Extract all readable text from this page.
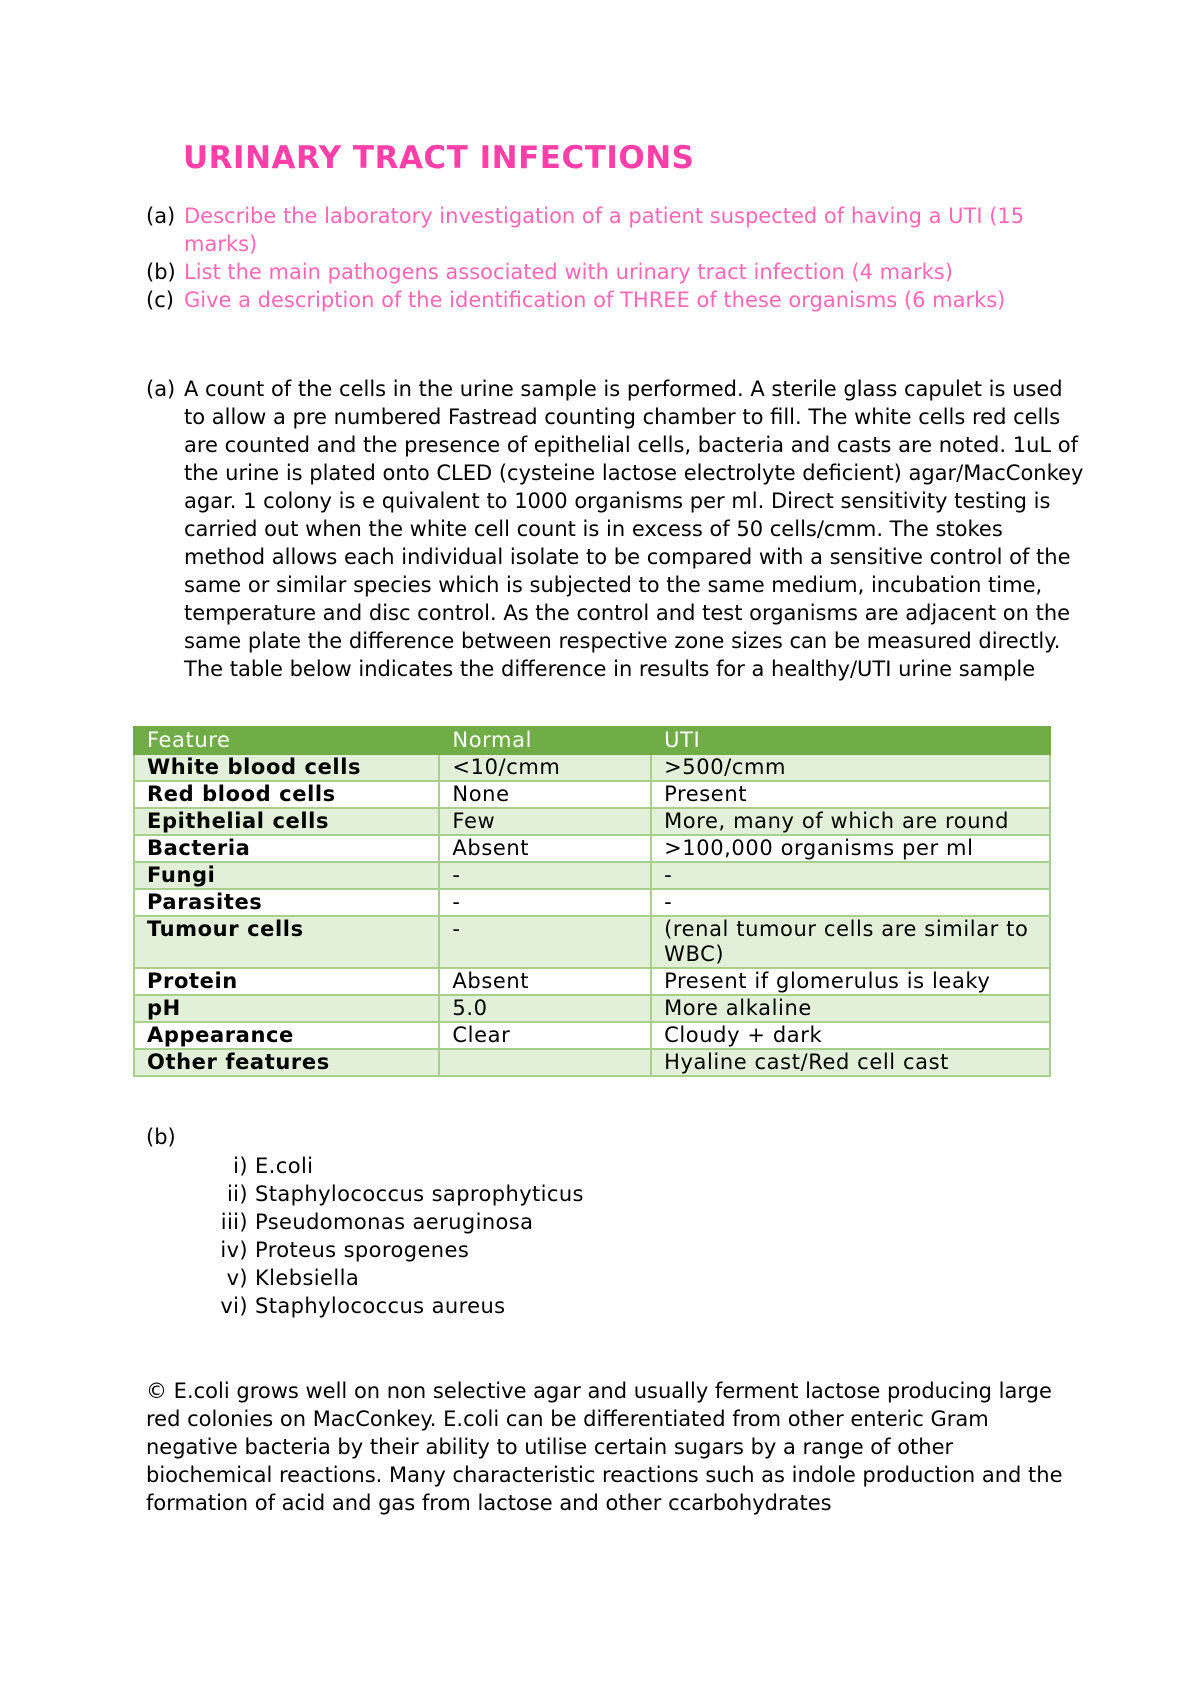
URINARY TRACT INFECTIONS
(a) Describe the laboratory investigation of a patient suspected of having a UTI (15 marks)
(b) List the main pathogens associated with urinary tract infection (4 marks)
(c) Give a description of the identification of THREE of these organisms (6 marks)
(a) A count of the cells in the urine sample is performed. A sterile glass capulet is used to allow a pre numbered Fastread counting chamber to fill. The white cells red cells are counted and the presence of epithelial cells, bacteria and casts are noted. 1uL of the urine is plated onto CLED (cysteine lactose electrolyte deficient) agar/MacConkey agar. 1 colony is e quivalent to 1000 organisms per ml. Direct sensitivity testing is carried out when the white cell count is in excess of 50 cells/cmm. The stokes method allows each individual isolate to be compared with a sensitive control of the same or similar species which is subjected to the same medium, incubation time, temperature and disc control. As the control and test organisms are adjacent on the same plate the difference between respective zone sizes can be measured directly. The table below indicates the difference in results for a healthy/UTI urine sample
Feature	Normal	UTI
White blood cells	<10/cmm	>500/cmm
Red blood cells	None	Present
Epithelial cells	Few	More, many of which are round
Bacteria	Absent	>100,000 organisms per ml
Fungi	-	-
Parasites	-	-
Tumour cells	-	(renal tumour cells are similar to WBC)
Protein	Absent	Present if glomerulus is leaky
pH	5.0	More alkaline
Appearance	Clear	Cloudy + dark
Other features		Hyaline cast/Red cell cast
(b)
i) E.coli
ii) Staphylococcus saprophyticus
iii) Pseudomonas aeruginosa
iv) Proteus sporogenes
v) Klebsiella
vi) Staphylococcus aureus
© E.coli grows well on non selective agar and usually ferment lactose producing large red colonies on MacConkey. E.coli can be differentiated from other enteric Gram negative bacteria by their ability to utilise certain sugars by a range of other biochemical reactions. Many characteristic reactions such as indole production and the formation of acid and gas from lactose and other ccarbohydrates
